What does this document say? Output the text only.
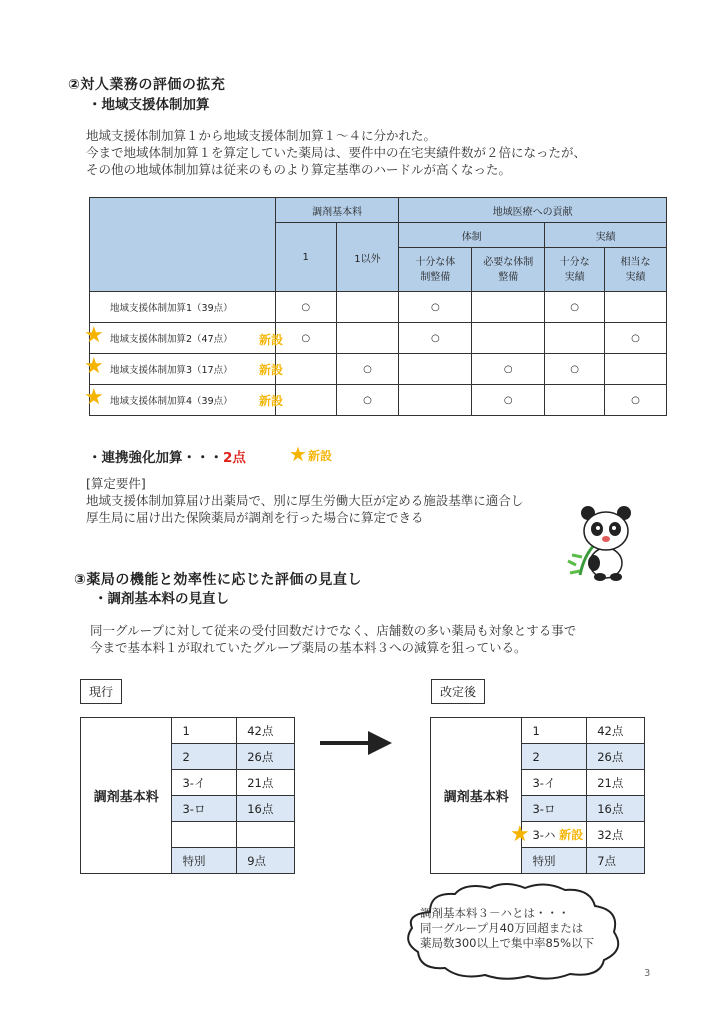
②対人業務の評価の拡充
・地域支援体制加算
地域支援体制加算１から地域支援体制加算１～４に分かれた。
今まで地域体制加算１を算定していた薬局は、要件中の在宅実績件数が２倍になったが、
その他の地域体制加算は従来のものより算定基準のハードルが高くなった。
	調剤基本料		地域医療への貢献			
	1	1以外	体制		実績	

			十分な体制整備	必要な体制整備	十分な実績	相当な実績

地域支援体制加算1（39点）	○		○		○	
地域支援体制加算2（47点）	○		○			○
地域支援体制加算3（17点）		○		○	○	
地域支援体制加算4（39点）		○		○		○
★	新設
★	新設
★	新設
・連携強化加算・・・2点 ★ 新設
[算定要件]
地域支援体制加算届け出薬局で、別に厚生労働大臣が定める施設基準に適合し
厚生局に届け出た保険薬局が調剤を行った場合に算定できる
③薬局の機能と効率性に応じた評価の見直し
・調剤基本料の見直し
同一グループに対して従来の受付回数だけでなく、店舗数の多い薬局も対象とする事で
今まで基本料１が取れていたグループ薬局の基本料３への減算を狙っている。
現行
調剤基本料	1	42点
	2	26点
	3-イ	21点
	3-ロ	16点

	特別	9点
改定後
調剤基本料	1	42点
	2	26点
	3-イ	21点
	3-ロ	16点
	3-ハ 新設	32点
	特別	7点
★
調剤基本料３－ハとは・・・
同一グループ月40万回超または
薬局数300以上で集中率85%以下
3
